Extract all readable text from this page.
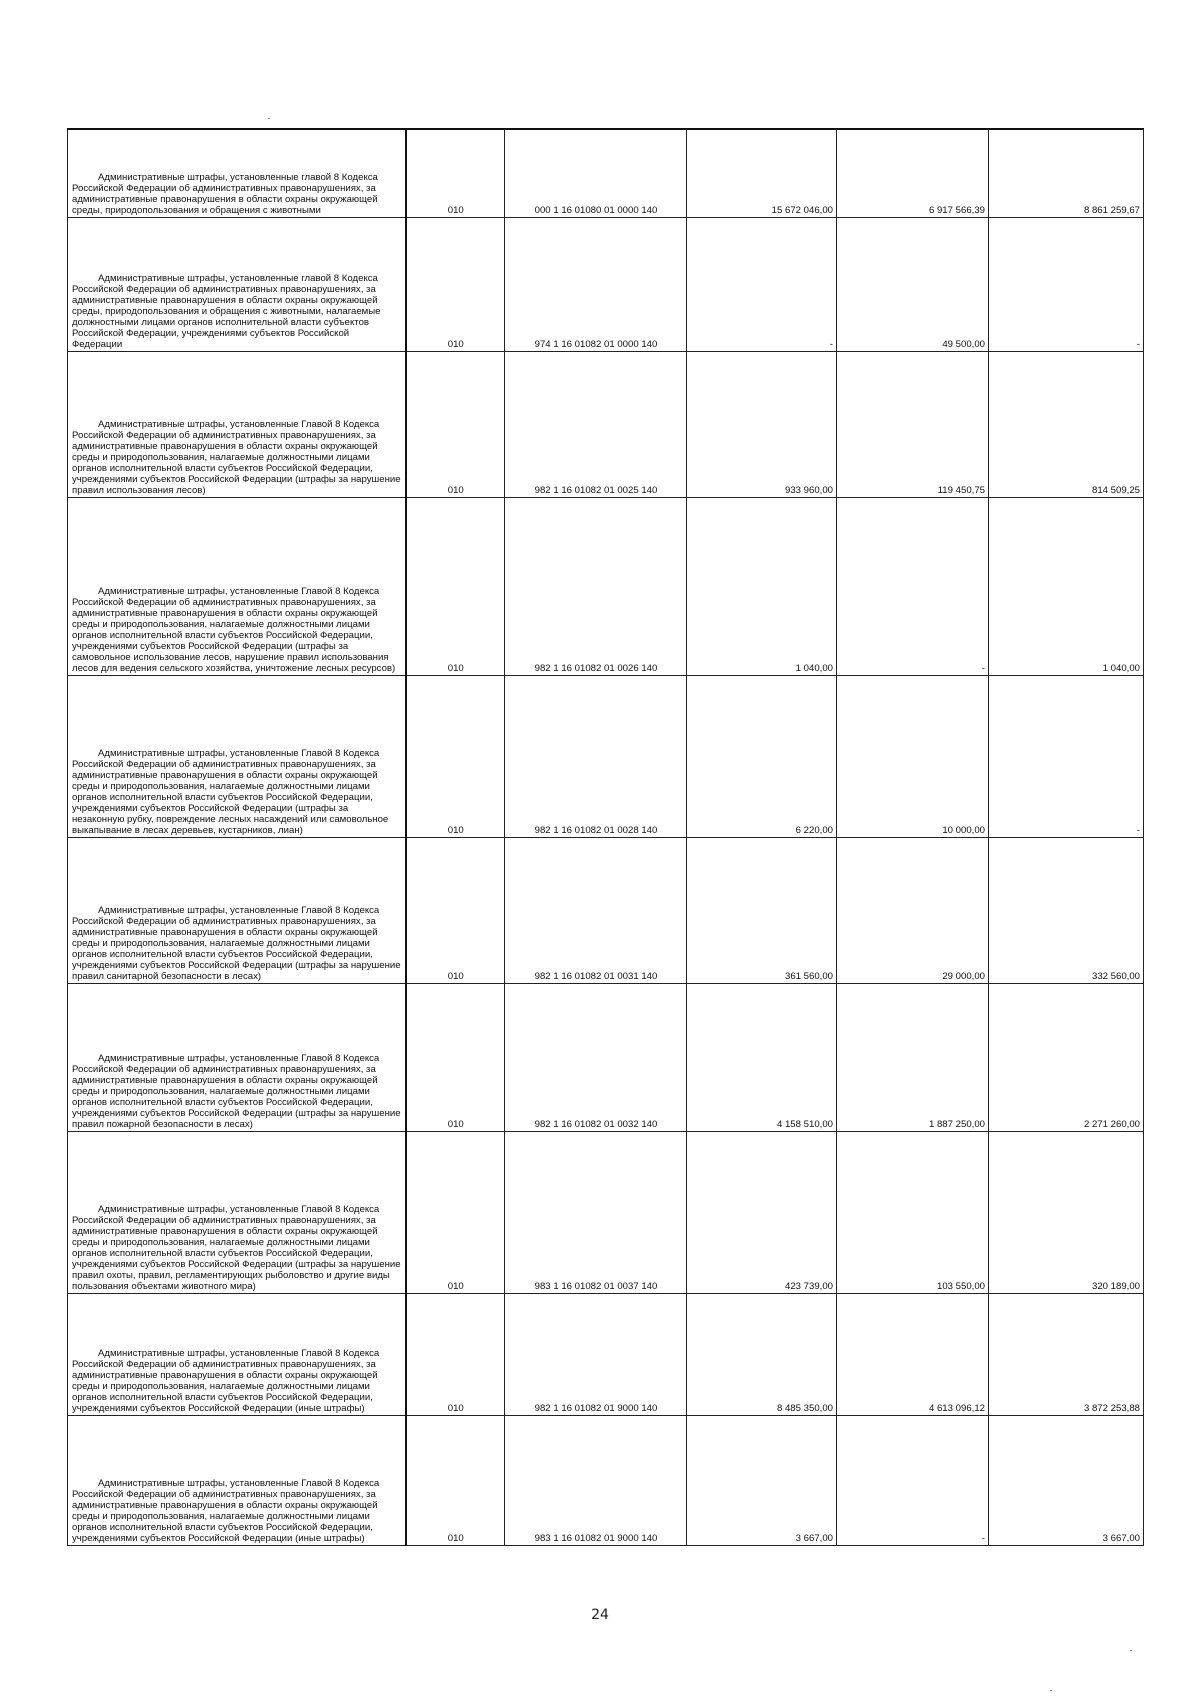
Административные штрафы, установленные главой 8 Кодекса Российской Федерации об административных правонарушениях, за административные правонарушения в области охраны окружающей среды, природопользования и обращения с животными	010	000 1 16 01080 01 0000 140	15 672 046,00	6 917 566,39	8 861 259,67

Административные штрафы, установленные главой 8 Кодекса Российской Федерации об административных правонарушениях, за административные правонарушения в области охраны окружающей среды, природопользования и обращения с животными, налагаемые должностными лицами органов исполнительной власти субъектов Российской Федерации, учреждениями субъектов Российской Федерации	010	974 1 16 01082 01 0000 140	-	49 500,00	-

Административные штрафы, установленные Главой 8 Кодекса Российской Федерации об административных правонарушениях, за административные правонарушения в области охраны окружающей среды и природопользования, налагаемые должностными лицами органов исполнительной власти субъектов Российской Федерации, учреждениями субъектов Российской Федерации (штрафы за нарушение правил использования лесов)	010	982 1 16 01082 01 0025 140	933 960,00	119 450,75	814 509,25

Административные штрафы, установленные Главой 8 Кодекса Российской Федерации об административных правонарушениях, за административные правонарушения в области охраны окружающей среды и природопользования, налагаемые должностными лицами органов исполнительной власти субъектов Российской Федерации, учреждениями субъектов Российской Федерации (штрафы за самовольное использование лесов, нарушение правил использования лесов для ведения сельского хозяйства, уничтожение лесных ресурсов)	010	982 1 16 01082 01 0026 140	1 040,00	-	1 040,00

Административные штрафы, установленные Главой 8 Кодекса Российской Федерации об административных правонарушениях, за административные правонарушения в области охраны окружающей среды и природопользования, налагаемые должностными лицами органов исполнительной власти субъектов Российской Федерации, учреждениями субъектов Российской Федерации (штрафы за незаконную рубку, повреждение лесных насаждений или самовольное выкапывание в лесах деревьев, кустарников, лиан)	010	982 1 16 01082 01 0028 140	6 220,00	10 000,00	-

Административные штрафы, установленные Главой 8 Кодекса Российской Федерации об административных правонарушениях, за административные правонарушения в области охраны окружающей среды и природопользования, налагаемые должностными лицами органов исполнительной власти субъектов Российской Федерации, учреждениями субъектов Российской Федерации (штрафы за нарушение правил санитарной безопасности в лесах)	010	982 1 16 01082 01 0031 140	361 560,00	29 000,00	332 560,00

Административные штрафы, установленные Главой 8 Кодекса Российской Федерации об административных правонарушениях, за административные правонарушения в области охраны окружающей среды и природопользования, налагаемые должностными лицами органов исполнительной власти субъектов Российской Федерации, учреждениями субъектов Российской Федерации (штрафы за нарушение правил пожарной безопасности в лесах)	010	982 1 16 01082 01 0032 140	4 158 510,00	1 887 250,00	2 271 260,00

Административные штрафы, установленные Главой 8 Кодекса Российской Федерации об административных правонарушениях, за административные правонарушения в области охраны окружающей среды и природопользования, налагаемые должностными лицами органов исполнительной власти субъектов Российской Федерации, учреждениями субъектов Российской Федерации (штрафы за нарушение правил охоты, правил, регламентирующих рыболовство и другие виды пользования объектами животного мира)	010	983 1 16 01082 01 0037 140	423 739,00	103 550,00	320 189,00

Административные штрафы, установленные Главой 8 Кодекса Российской Федерации об административных правонарушениях, за административные правонарушения в области охраны окружающей среды и природопользования, налагаемые должностными лицами органов исполнительной власти субъектов Российской Федерации, учреждениями субъектов Российской Федерации (иные штрафы)	010	982 1 16 01082 01 9000 140	8 485 350,00	4 613 096,12	3 872 253,88

Административные штрафы, установленные Главой 8 Кодекса Российской Федерации об административных правонарушениях, за административные правонарушения в области охраны окружающей среды и природопользования, налагаемые должностными лицами органов исполнительной власти субъектов Российской Федерации, учреждениями субъектов Российской Федерации (иные штрафы)	010	983 1 16 01082 01 9000 140	3 667,00	-	3 667,00
24
